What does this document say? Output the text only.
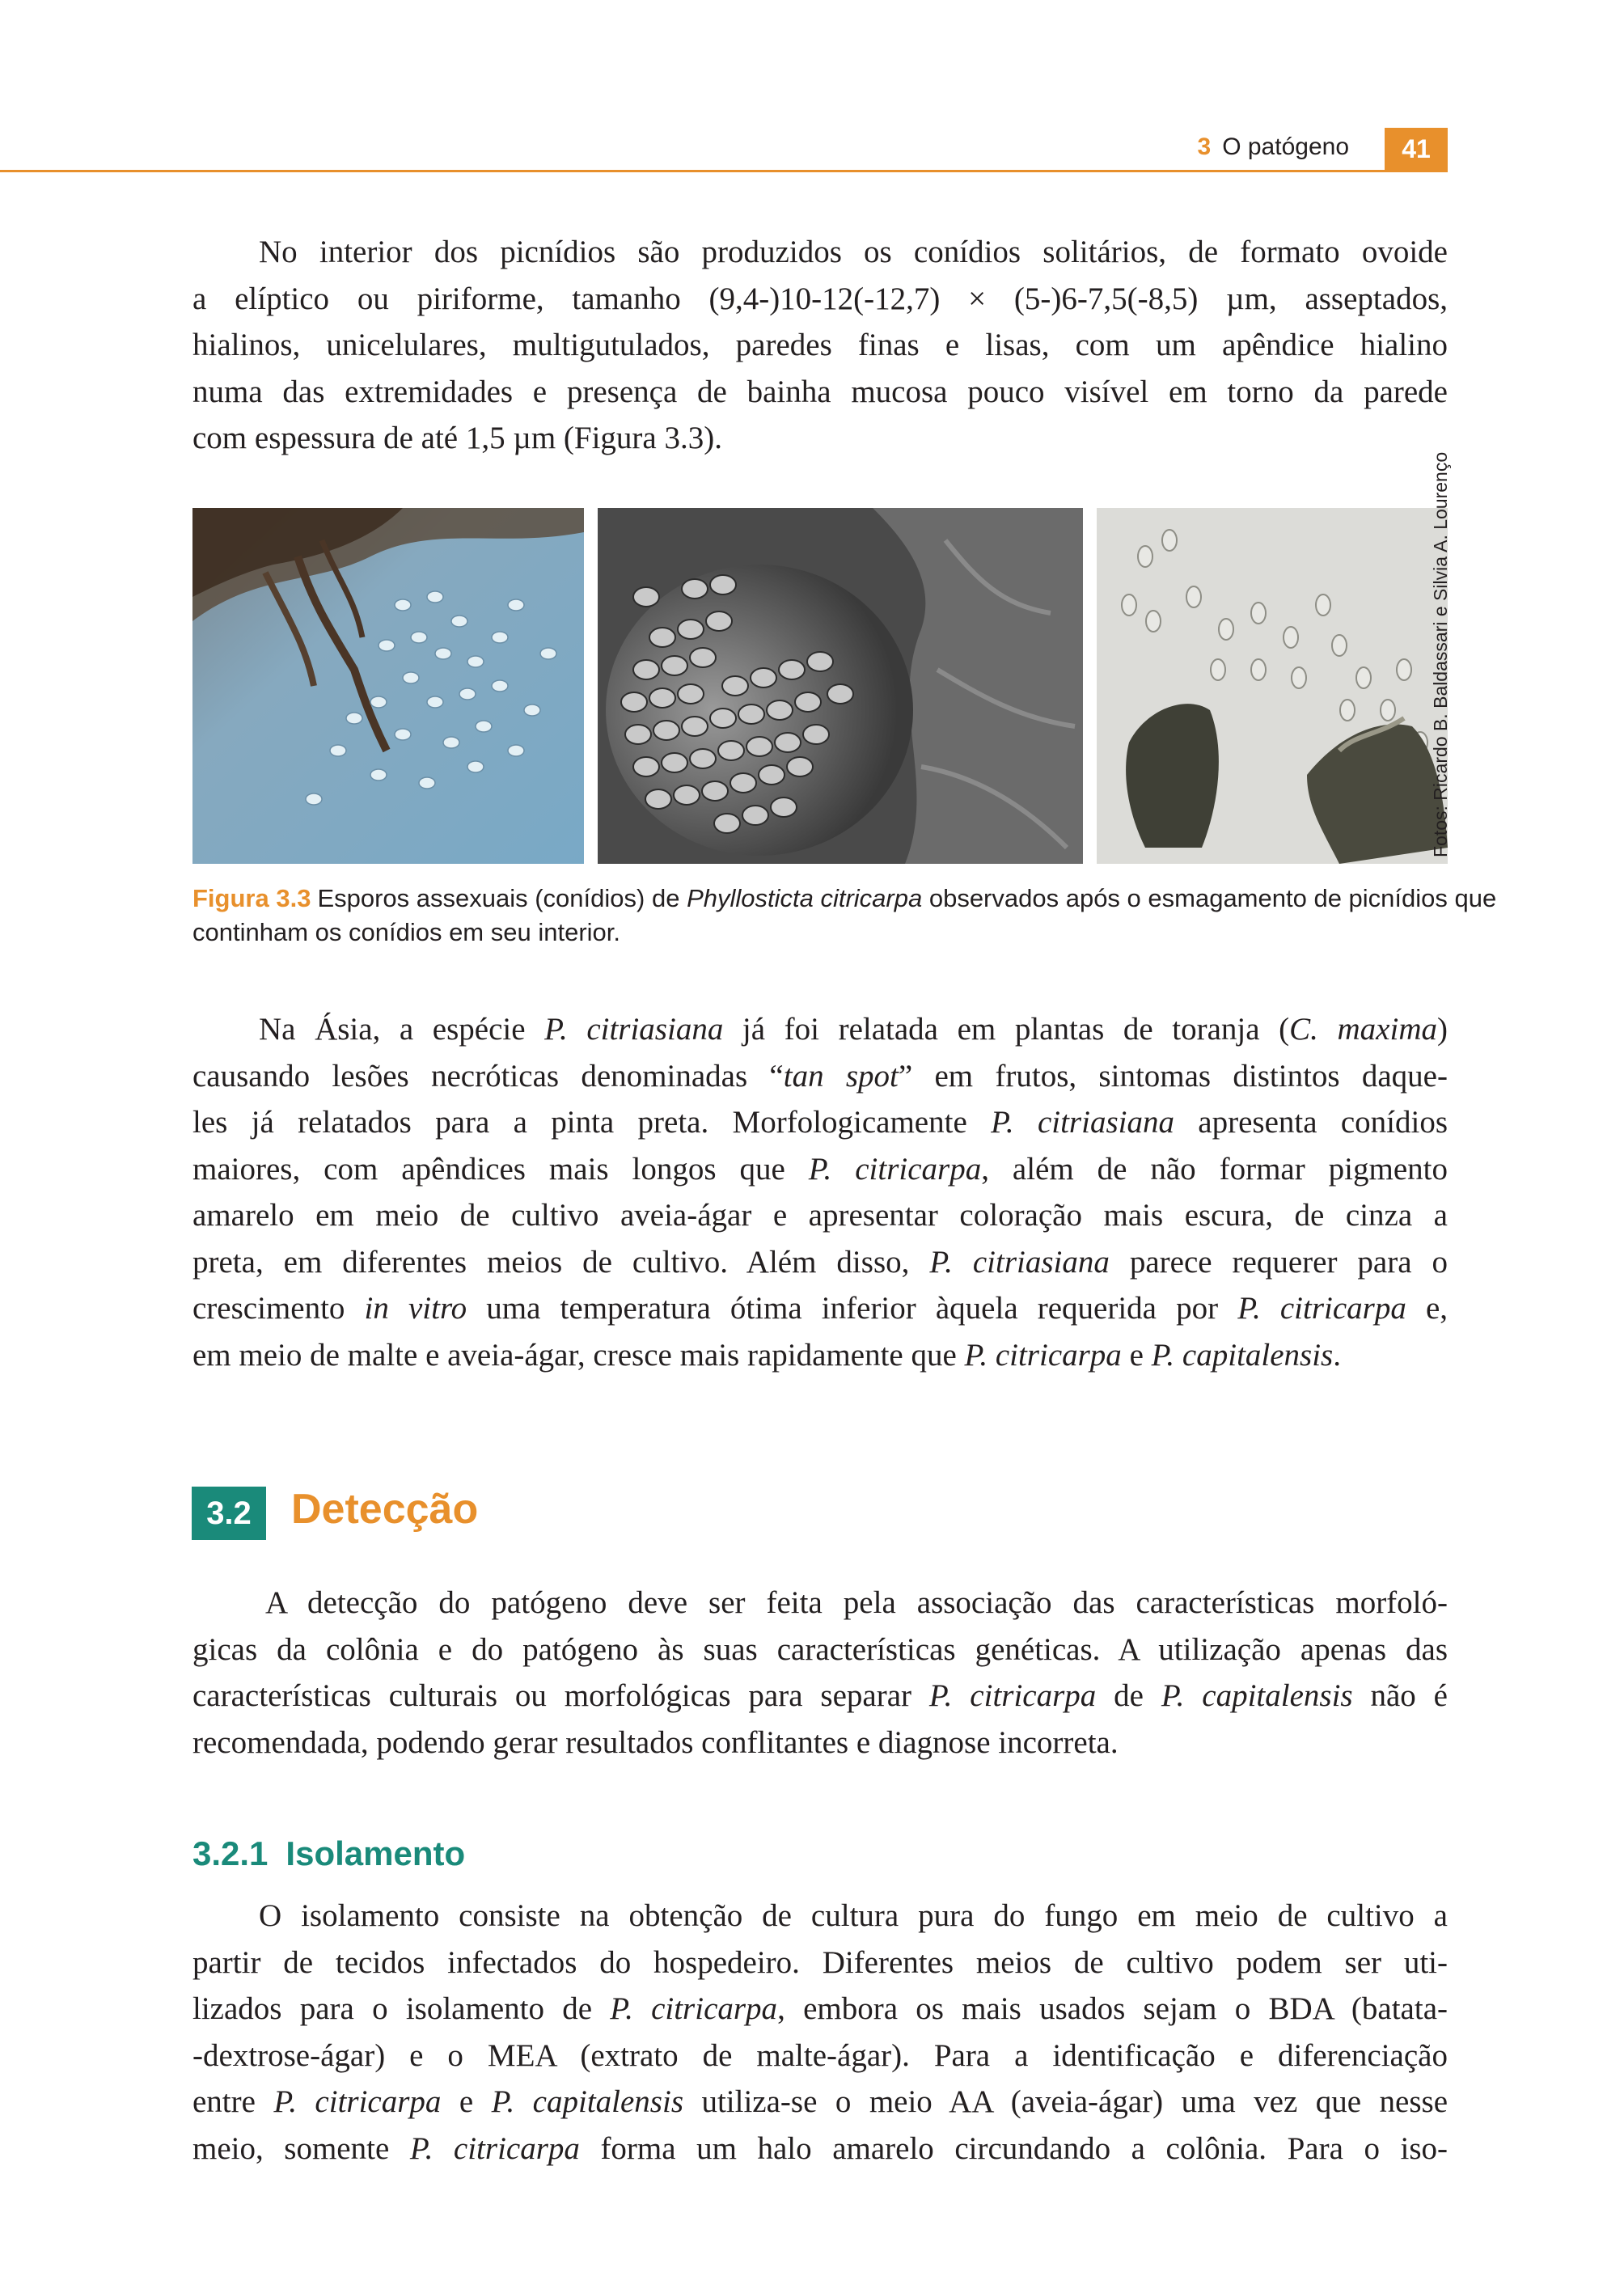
3 O patógeno	41
No interior dos picnídios são produzidos os conídios solitários, de formato ovoide
a elíptico ou piriforme, tamanho (9,4-)10-12(-12,7) × (5-)6-7,5(-8,5) µm, asseptados,
hialinos, unicelulares, multigutulados, paredes finas e lisas, com um apêndice hialino
numa das extremidades e presença de bainha mucosa pouco visível em torno da parede
com espessura de até 1,5 µm (Figura 3.3).
Fotos: Ricardo B. Baldassari e Silvia A. Lourenço
Figura 3.3 Esporos assexuais (conídios) de Phyllosticta citricarpa observados após o esmagamento de picnídios que
continham os conídios em seu interior.
Na Ásia, a espécie P. citriasiana já foi relatada em plantas de toranja (C. maxima)
causando lesões necróticas denominadas “tan spot” em frutos, sintomas distintos daque-
les já relatados para a pinta preta. Morfologicamente P. citriasiana apresenta conídios
maiores, com apêndices mais longos que P. citricarpa, além de não formar pigmento
amarelo em meio de cultivo aveia-ágar e apresentar coloração mais escura, de cinza a
preta, em diferentes meios de cultivo. Além disso, P. citriasiana parece requerer para o
crescimento in vitro uma temperatura ótima inferior àquela requerida por P. citricarpa e,
em meio de malte e aveia-ágar, cresce mais rapidamente que P. citricarpa e P. capitalensis.
3.2 Detecção
A detecção do patógeno deve ser feita pela associação das características morfoló-
gicas da colônia e do patógeno às suas características genéticas. A utilização apenas das
características culturais ou morfológicas para separar P. citricarpa de P. capitalensis não é
recomendada, podendo gerar resultados conflitantes e diagnose incorreta.
3.2.1 Isolamento
O isolamento consiste na obtenção de cultura pura do fungo em meio de cultivo a
partir de tecidos infectados do hospedeiro. Diferentes meios de cultivo podem ser uti-
lizados para o isolamento de P. citricarpa, embora os mais usados sejam o BDA (batata-
-dextrose-ágar) e o MEA (extrato de malte-ágar). Para a identificação e diferenciação
entre P. citricarpa e P. capitalensis utiliza-se o meio AA (aveia-ágar) uma vez que nesse
meio, somente P. citricarpa forma um halo amarelo circundando a colônia. Para o iso-
